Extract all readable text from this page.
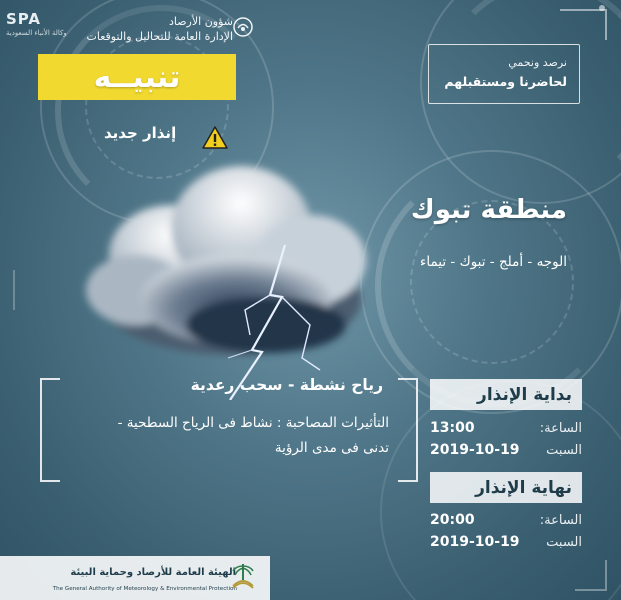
SPA
وكالة الأنباء السعودية
شؤون الأرصاد
الإدارة العامة للتحاليل والتوقعات
تنبيــه
إنذار جديد
نرصد ونحمي
لحاضرنا ومستقبلهم
منطقة تبوك
الوجه - أملج - تبوك - تيماء
رياح نشطة - سحب رعدية
التأثيرات المصاحبة : نشاط فى الرياح السطحية - تدنى فى مدى الرؤية
بداية الإنذار
الساعة:
13:00
السبت
2019-10-19
نهاية الإنذار
الساعة:
20:00
السبت
2019-10-19
الهيئة العامة للأرصاد وحماية البيئة
The General Authority of Meteorology & Environmental Protection
